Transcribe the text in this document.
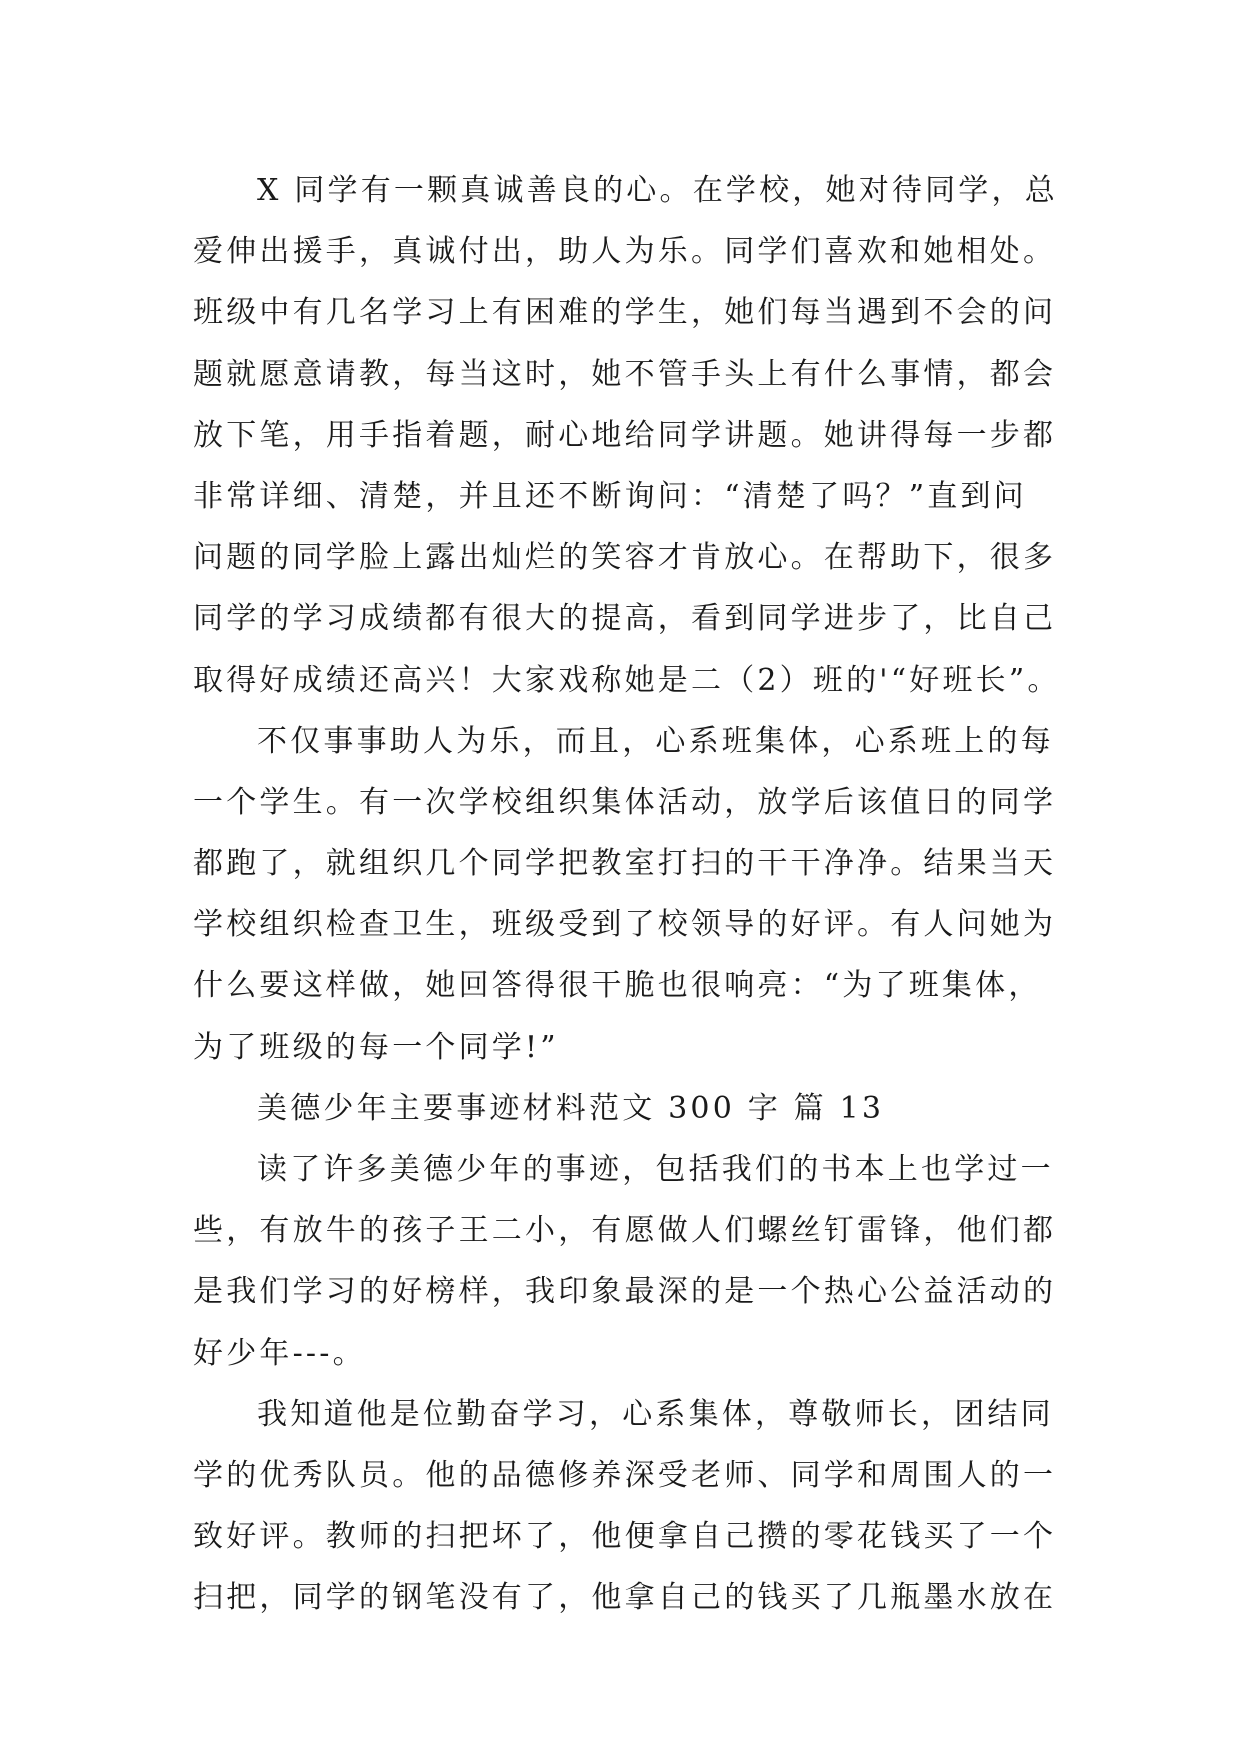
X 同学有一颗真诚善良的心。在学校，她对待同学，总
爱伸出援手，真诚付出，助人为乐。同学们喜欢和她相处。
班级中有几名学习上有困难的学生，她们每当遇到不会的问
题就愿意请教，每当这时，她不管手头上有什么事情，都会
放下笔，用手指着题，耐心地给同学讲题。她讲得每一步都
非常详细、清楚，并且还不断询问：“清楚了吗？”直到问
问题的同学脸上露出灿烂的笑容才肯放心。在帮助下，很多
同学的学习成绩都有很大的提高，看到同学进步了，比自己
取得好成绩还高兴！大家戏称她是二（2）班的'“好班长”。
不仅事事助人为乐，而且，心系班集体，心系班上的每
一个学生。有一次学校组织集体活动，放学后该值日的同学
都跑了，就组织几个同学把教室打扫的干干净净。结果当天
学校组织检查卫生，班级受到了校领导的好评。有人问她为
什么要这样做，她回答得很干脆也很响亮：“为了班集体，
为了班级的每一个同学!”
美德少年主要事迹材料范文 300 字 篇 13
读了许多美德少年的事迹，包括我们的书本上也学过一
些，有放牛的孩子王二小，有愿做人们螺丝钉雷锋，他们都
是我们学习的好榜样，我印象最深的是一个热心公益活动的
好少年---。
我知道他是位勤奋学习，心系集体，尊敬师长，团结同
学的优秀队员。他的品德修养深受老师、同学和周围人的一
致好评。教师的扫把坏了，他便拿自己攒的零花钱买了一个
扫把，同学的钢笔没有了，他拿自己的钱买了几瓶墨水放在
